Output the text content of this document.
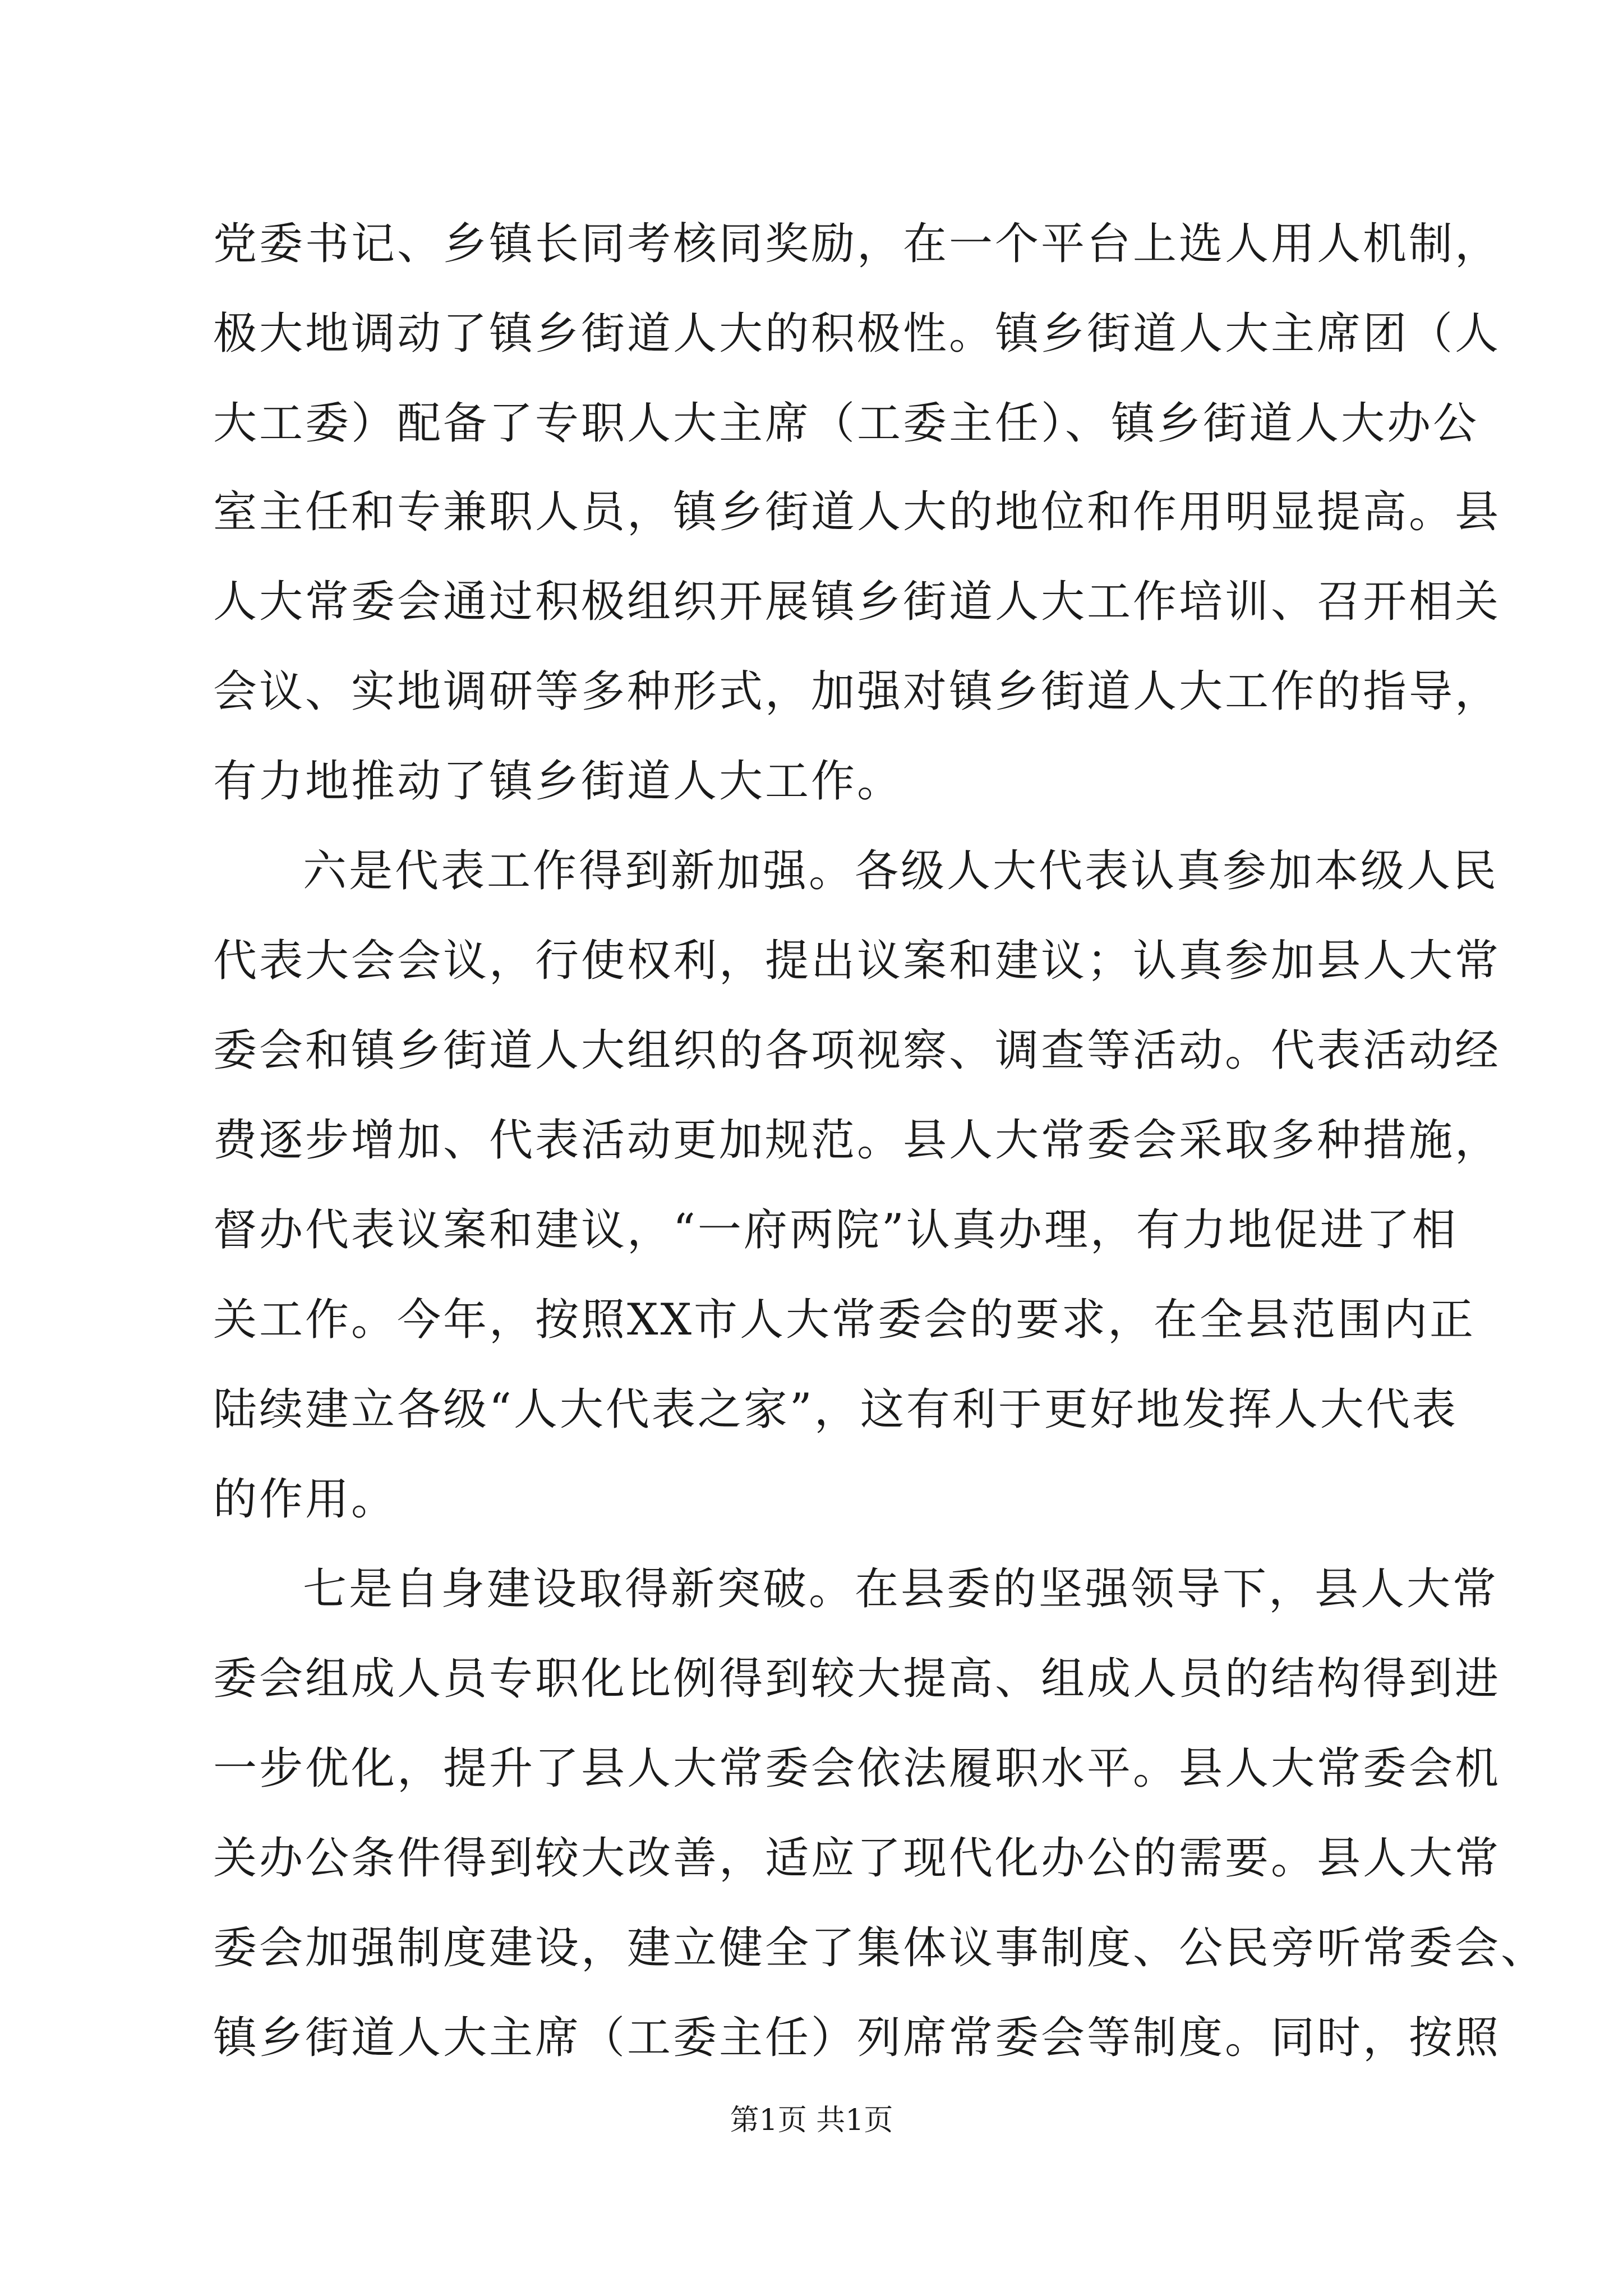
党委书记、乡镇长同考核同奖励，在一个平台上选人用人机制，
极大地调动了镇乡街道人大的积极性。镇乡街道人大主席团（人
大工委）配备了专职人大主席（工委主任）、镇乡街道人大办公
室主任和专兼职人员，镇乡街道人大的地位和作用明显提高。县
人大常委会通过积极组织开展镇乡街道人大工作培训、召开相关
会议、实地调研等多种形式，加强对镇乡街道人大工作的指导，
有力地推动了镇乡街道人大工作。
六是代表工作得到新加强。各级人大代表认真参加本级人民
代表大会会议，行使权利，提出议案和建议；认真参加县人大常
委会和镇乡街道人大组织的各项视察、调查等活动。代表活动经
费逐步增加、代表活动更加规范。县人大常委会采取多种措施，
督办代表议案和建议，“一府两院”认真办理，有力地促进了相
关工作。今年，按照XX市人大常委会的要求，在全县范围内正
陆续建立各级“人大代表之家”，这有利于更好地发挥人大代表
的作用。
七是自身建设取得新突破。在县委的坚强领导下，县人大常
委会组成人员专职化比例得到较大提高、组成人员的结构得到进
一步优化，提升了县人大常委会依法履职水平。县人大常委会机
关办公条件得到较大改善，适应了现代化办公的需要。县人大常
委会加强制度建设，建立健全了集体议事制度、公民旁听常委会、
镇乡街道人大主席（工委主任）列席常委会等制度。同时，按照
第1页 共1页
